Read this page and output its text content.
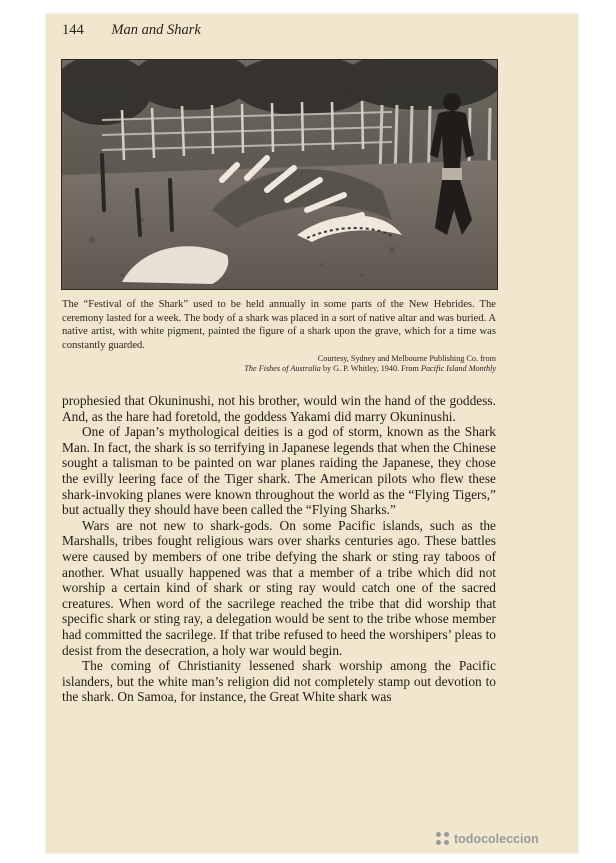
144 Man and Shark

The “Festival of the Shark” used to be held annually in some parts of the New Hebrides. The ceremony lasted for a week. The body of a shark was placed in a sort of native altar and was buried. A native artist, with white pigment, painted the figure of a shark upon the grave, which for a time was constantly guarded.

Courtesy, Sydney and Melbourne Publishing Co. from
The Fishes of Australia by G. P. Whitley, 1940. From Pacific Island Monthly

prophesied that Okuninushi, not his brother, would win the hand of the goddess. And, as the hare had foretold, the goddess Yakami did marry Okuninushi.

One of Japan’s mythological deities is a god of storm, known as the Shark Man. In fact, the shark is so terrifying in Japanese legends that when the Chinese sought a talisman to be painted on war planes raiding the Japanese, they chose the evilly leering face of the Tiger shark. The American pilots who flew these shark-invoking planes were known throughout the world as the “Flying Tigers,” but actually they should have been called the “Flying Sharks.”

Wars are not new to shark-gods. On some Pacific islands, such as the Marshalls, tribes fought religious wars over sharks centuries ago. These battles were caused by members of one tribe defying the shark or sting ray taboos of another. What usually happened was that a member of a tribe which did not worship a certain kind of shark or sting ray would catch one of the sacred creatures. When word of the sacrilege reached the tribe that did worship that specific shark or sting ray, a delegation would be sent to the tribe whose member had committed the sacrilege. If that tribe refused to heed the worshipers’ pleas to desist from the desecration, a holy war would begin.

The coming of Christianity lessened shark worship among the Pacific islanders, but the white man’s religion did not completely stamp out devotion to the shark. On Samoa, for instance, the Great White shark was

todocoleccion
